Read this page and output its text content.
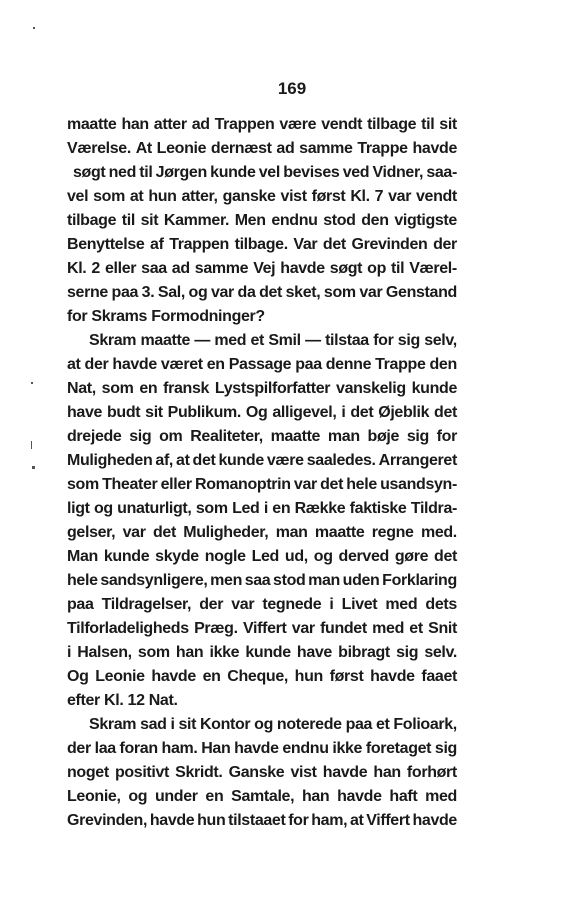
169
maatte han atter ad Trappen være vendt tilbage til sit
Værelse. At Leonie dernæst ad samme Trappe havde
søgt ned til Jørgen kunde vel bevises ved Vidner, saa-
vel som at hun atter, ganske vist først Kl. 7 var vendt
tilbage til sit Kammer. Men endnu stod den vigtigste
Benyttelse af Trappen tilbage. Var det Grevinden der
Kl. 2 eller saa ad samme Vej havde søgt op til Værel-
serne paa 3. Sal, og var da det sket, som var Genstand
for Skrams Formodninger?
Skram maatte — med et Smil — tilstaa for sig selv,
at der havde været en Passage paa denne Trappe den
Nat, som en fransk Lystspilforfatter vanskelig kunde
have budt sit Publikum. Og alligevel, i det Øjeblik det
drejede sig om Realiteter, maatte man bøje sig for
Muligheden af, at det kunde være saaledes. Arrangeret
som Theater eller Romanoptrin var det hele usandsyn-
ligt og unaturligt, som Led i en Række faktiske Tildra-
gelser, var det Muligheder, man maatte regne med.
Man kunde skyde nogle Led ud, og derved gøre det
hele sandsynligere, men saa stod man uden Forklaring
paa Tildragelser, der var tegnede i Livet med dets
Tilforladeligheds Præg. Viffert var fundet med et Snit
i Halsen, som han ikke kunde have bibragt sig selv.
Og Leonie havde en Cheque, hun først havde faaet
efter Kl. 12 Nat.
Skram sad i sit Kontor og noterede paa et Folioark,
der laa foran ham. Han havde endnu ikke foretaget sig
noget positivt Skridt. Ganske vist havde han forhørt
Leonie, og under en Samtale, han havde haft med
Grevinden, havde hun tilstaaet for ham, at Viffert havde
